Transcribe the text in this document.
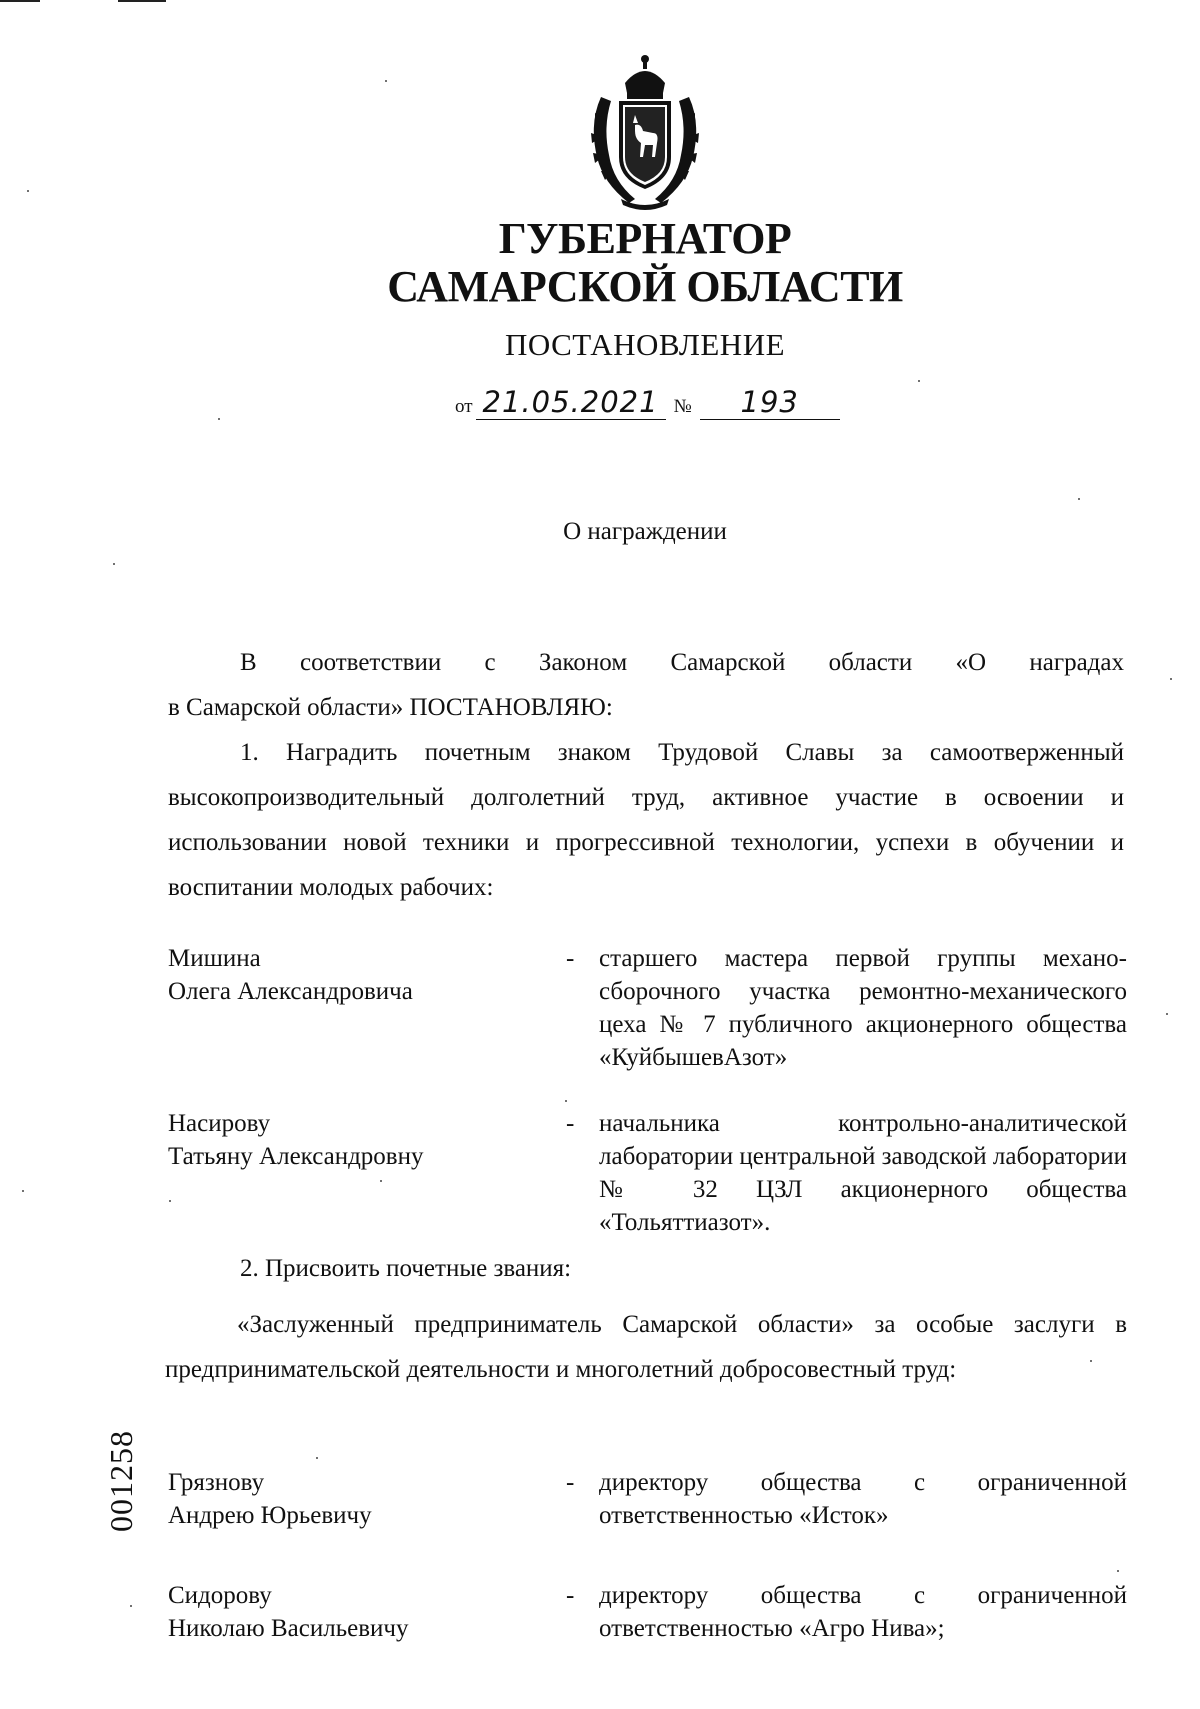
ГУБЕРНАТОР
САМАРСКОЙ ОБЛАСТИ
ПОСТАНОВЛЕНИЕ
от 21.05.2021 №	193
О награждении
В соответствии с Законом Самарской области «О наградах
в Самарской области» ПОСТАНОВЛЯЮ:
1. Наградить почетным знаком Трудовой Славы за самоотверженный высокопроизводительный долголетний труд, активное участие в освоении и использовании новой техники и прогрессивной технологии, успехи в обучении и воспитании молодых рабочих:
Мишина
Олега Александровича
- старшего мастера первой группы механо-сборочного участка ремонтно-механического цеха № 7 публичного акционерного общества «КуйбышевАзот»
Насирову
Татьяну Александровну
- начальника контрольно-аналитической лаборатории центральной заводской лаборатории № 32 ЦЗЛ акционерного общества «Тольяттиазот».
2. Присвоить почетные звания:
«Заслуженный предприниматель Самарской области» за особые заслуги в предпринимательской деятельности и многолетний добросовестный труд:
Грязнову
Андрею Юрьевичу
- директору общества с ограниченной ответственностью «Исток»
Сидорову
Николаю Васильевичу
- директору общества с ограниченной ответственностью «Агро Нива»;
001258
